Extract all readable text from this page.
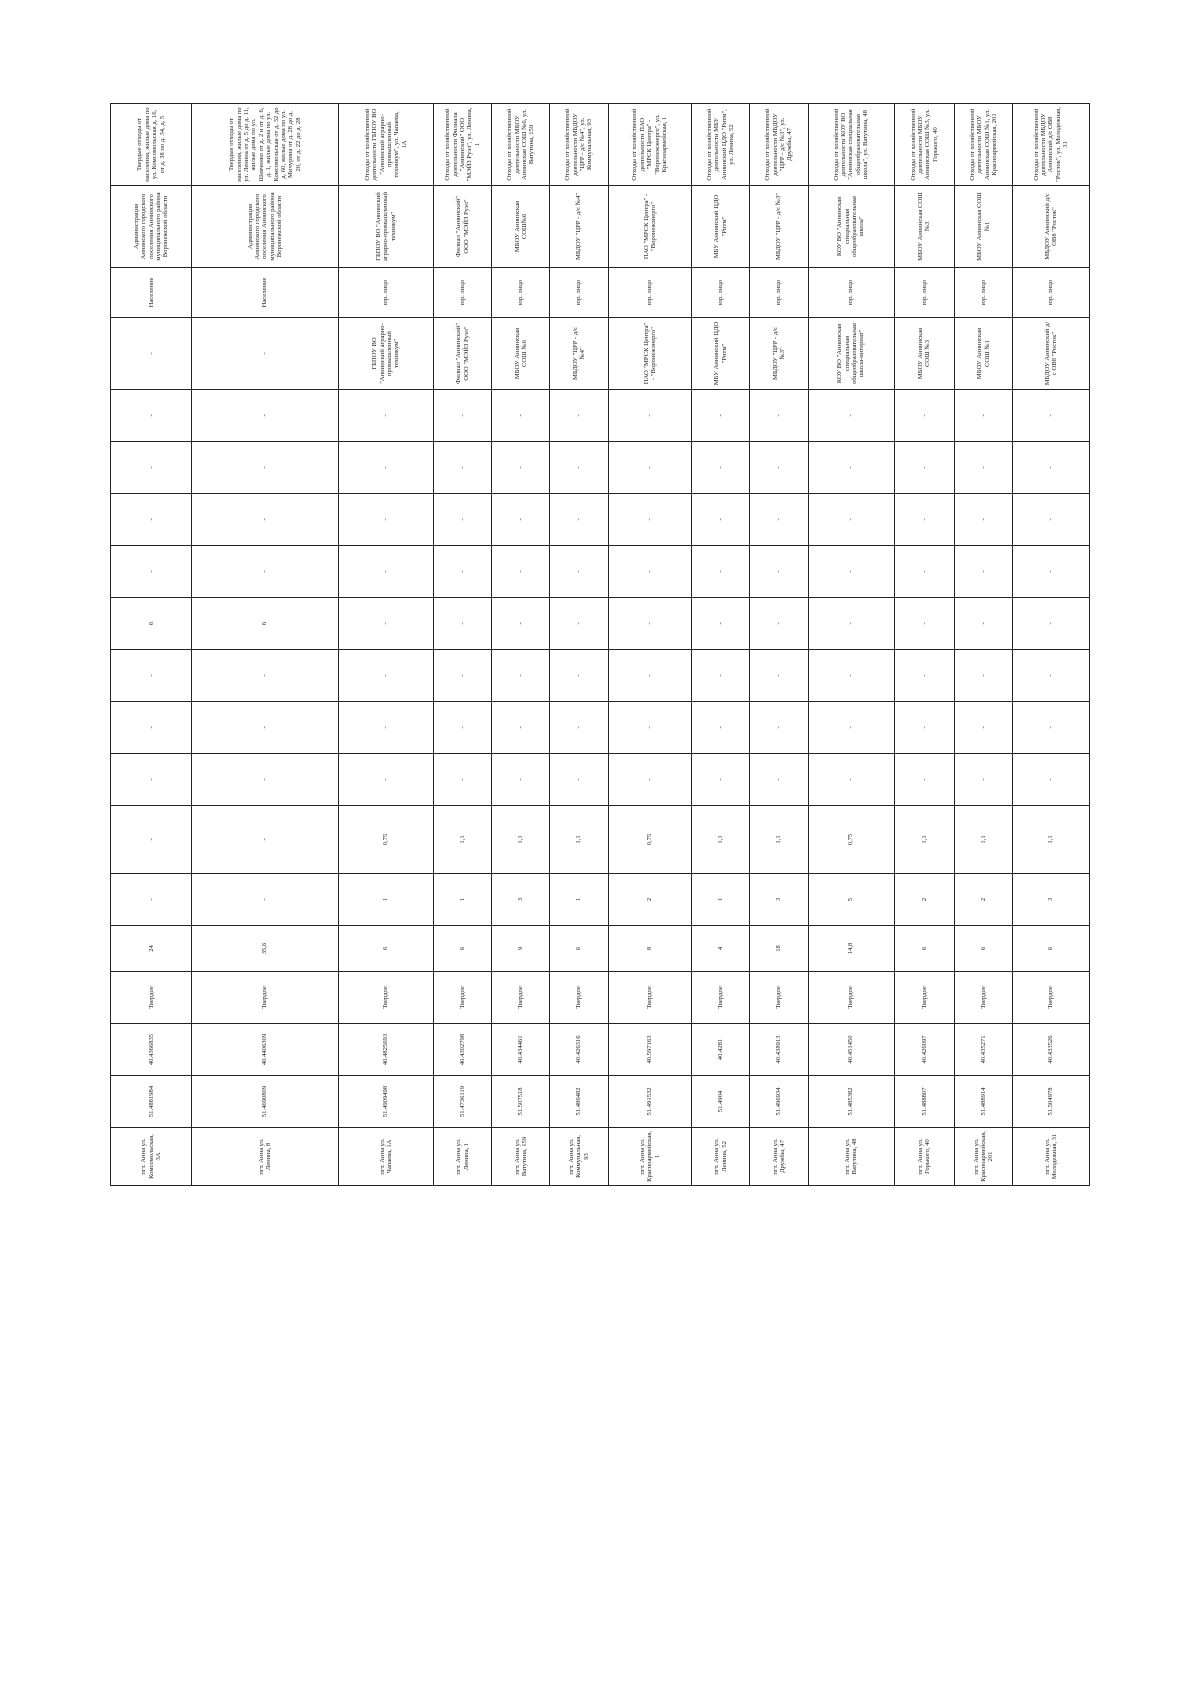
пгт. Анна ул. Комсомольская, 3А	51.4881984	40.4366835	Твердое	24	-	-	-	-	-	6	-	-	-	-	-	Население	Администрация Аннинского городского поселения Аннинского муниципального района Воронежской области	Твердые отходы от населения, жилые дома по ул. Комсомольская д. 16, от д. 38 по д. 34, д. 5
пгт. Анна ул. Ленина, 8	51.4690809	40.4406309	Твердое	35,6	-	-	-	-	-	6	-	-	-	-	-	Население	Администрация Аннинского городского поселения Аннинского муниципального района Воронежской области	Твердые отходы от населения, жилые дома по ул. Ленина от д. 5 до д. 11, жилые дома по ул. Шевченко от д. 2 и от д. 6, д. 1, жилые дома по ул. Комсомольская от д. 32 до д. 60, жилые дома по ул. Мичурина от д. 28 до д. 20, от д. 22 до д. 28
пгт. Анна ул. Чапаева, 1А	51.4909498	40.4825693	Твердое	6	1	0,75	-	-	-	-	-	-	-	-	ГБПОУ ВО "Аннинский аграрно-промышленный техникум"	юр. лицо	ГБПОУ ВО "Аннинский аграрно-промышленный техникум"	Отходы от хозяйственной деятельности ГБПОУ ВО "Аннинский аграрно-промышленный техникум", ул. Чапаева, 1А
пгт. Анна ул. Ленина, 1	51.4736119	40.4302798	Твердое	6	1	1,1	-	-	-	-	-	-	-	-	Филиал "Аннинский" ООО "МЭЙЗ Руэл"	юр. лицо	Филиал "Аннинский" ООО "МЭЙЗ Руэл"	Отходы от хозяйственной деятельности Филиала "Аннинский" ООО "МЭЙЗ Руэл", ул. Ленина, 1
пгт. Анна ул. Ватутина, 159	51.507518	40.434461	Твердое	9	3	1,1	-	-	-	-	-	-	-	-	МБОУ Аннинская СОШ №6	юр. лицо	МБОУ Аннинская СОШ№6	Отходы от хозяйственной деятельности МБОУ Аннинская СОШ №6, ул. Ватутина, 159
пгт. Анна ул. Коммунальная, 93	51.486482	40.426316	Твердое	6	1	1,1	-	-	-	-	-	-	-	-	МБДОУ "ЦРР - д/с №4"	юр. лицо	МБДОУ "ЦРР - д/с №4"	Отходы от хозяйственной деятельности МБДОУ "ЦРР - д/с №4", ул. Коммунальная, 93
пгт. Анна ул. Красноармейская, 1	51.491532	40.597163	Твердое	8	2	0,75	-	-	-	-	-	-	-	-	ПАО "МРСК Центра" - "Воронежэнерго"	юр. лицо	ПАО "МРСК Центра" - "Воронежэнерго"	Отходы от хозяйственной деятельности ПАО "МРСК Центра" - "Воронежэнерго", ул. Красноармейская, 1
пгт. Анна ул. Ленина, 52	51.4904	40.4281	Твердое	4	1	1,1	-	-	-	-	-	-	-	-	МБУ Аннинский ЦДО "Ритм"	юр. лицо	МБУ Аннинский ЦДО "Ритм"	Отходы от хозяйственной деятельности МБУ Аннинский ЦДО "Ритм", ул. Ленина, 52
пгт. Анна ул. Дружбы, 47	51.496934	40.438913	Твердое	18	3	1,1	-	-	-	-	-	-	-	-	МБДОУ "ЦРР - д/с №3"	юр. лицо	МБДОУ "ЦРР - д/с №3"	Отходы от хозяйственной деятельности МБДОУ "ЦРР - д/с №3", ул. Дружбы, 47
пгт. Анна ул. Ватутина, 48	51.485382	40.451450	Твердое	14,8	5	0,75	-	-	-	-	-	-	-	-	КОУ ВО "Аннинская специальная общеобразовательная школа-интернат"	юр. лицо	КОУ ВО "Аннинская специальная общеобразовательная школа"	Отходы от хозяйственной деятельности КОУ ВО "Аннинская специальная общеобразовательная школа", ул. Ватутина, 48
пгт. Анна ул. Горького, 40	51.488807	40.426097	Твердое	6	2	1,1	-	-	-	-	-	-	-	-	МБОУ Аннинская СОШ №3	юр. лицо	МБОУ Аннинская СОШ №3	Отходы от хозяйственной деятельности МБОУ Аннинская СОШ №3, ул. Горького, 40
пгт. Анна ул. Красноармейская, 201	51.488914	40.435271	Твердое	6	2	1,1	-	-	-	-	-	-	-	-	МБОУ Аннинская СОШ №1	юр. лицо	МБОУ Аннинская СОШ №1	Отходы от хозяйственной деятельности МБОУ Аннинская СОШ №1, ул. Красноармейская, 201
пгт. Анна ул. Молодежная, 31	51.504978	40.433526	Твердое	6	3	1,1	-	-	-	-	-	-	-	-	МБДОУ Аннинский д/с ОВ8 "Росток"	юр. лицо	МБДОУ Аннинский д/с ОВ8 "Росток"	Отходы от хозяйственной деятельности МБДОУ Аннинский д/с ОВ8 "Росток", ул. Молодежная, 31
